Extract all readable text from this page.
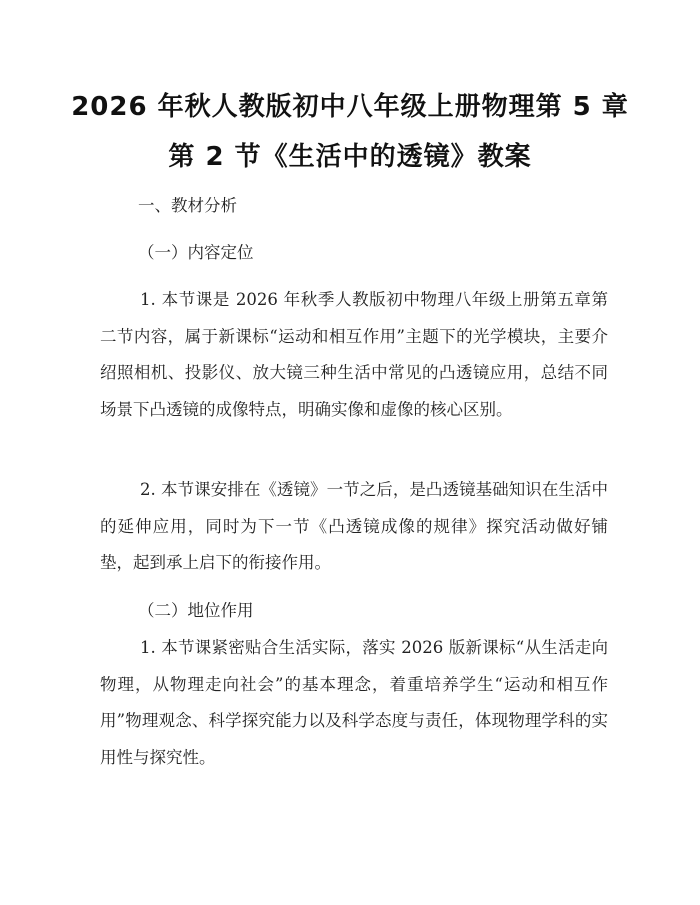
2026 年秋人教版初中八年级上册物理第 5 章
第 2 节《生活中的透镜》教案
一、教材分析
（一）内容定位

1. 本节课是 2026 年秋季人教版初中物理八年级上册第五章第二节内容，属于新课标“运动和相互作用”主题下的光学模块，主要介绍照相机、投影仪、放大镜三种生活中常见的凸透镜应用，总结不同场景下凸透镜的成像特点，明确实像和虚像的核心区别。

2. 本节课安排在《透镜》一节之后，是凸透镜基础知识在生活中的延伸应用，同时为下一节《凸透镜成像的规律》探究活动做好铺垫，起到承上启下的衔接作用。

（二）地位作用

1. 本节课紧密贴合生活实际，落实 2026 版新课标“从生活走向物理，从物理走向社会”的基本理念，着重培养学生“运动和相互作用”物理观念、科学探究能力以及科学态度与责任，体现物理学科的实用性与探究性。
